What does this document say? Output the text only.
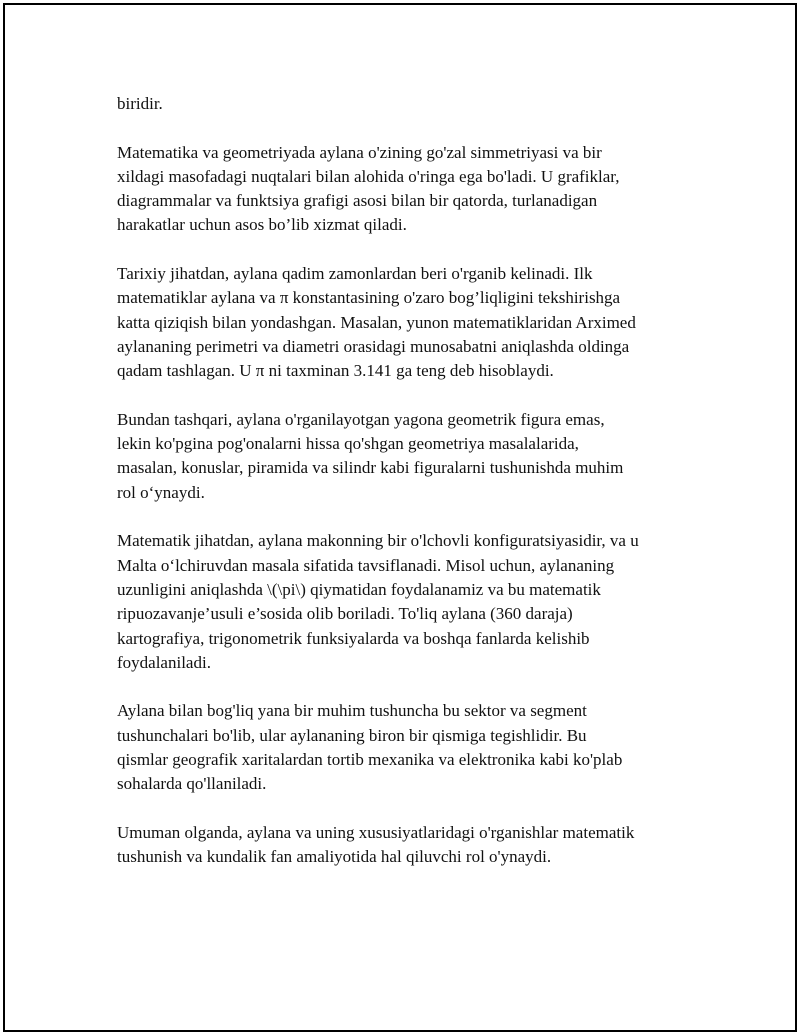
biridir.

Matematika va geometriyada aylana o'zining go'zal simmetriyasi va bir
xildagi masofadagi nuqtalari bilan alohida o'ringa ega bo'ladi. U grafiklar,
diagrammalar va funktsiya grafigi asosi bilan bir qatorda, turlanadigan
harakatlar uchun asos bo’lib xizmat qiladi.

Tarixiy jihatdan, aylana qadim zamonlardan beri o'rganib kelinadi. Ilk
matematiklar aylana va π konstantasining o'zaro bog’liqligini tekshirishga
katta qiziqish bilan yondashgan. Masalan, yunon matematiklaridan Arximed
aylananing perimetri va diametri orasidagi munosabatni aniqlashda oldinga
qadam tashlagan. U π ni taxminan 3.141 ga teng deb hisoblaydi.

Bundan tashqari, aylana o'rganilayotgan yagona geometrik figura emas,
lekin ko'pgina pog'onalarni hissa qo'shgan geometriya masalalarida,
masalan, konuslar, piramida va silindr kabi figuralarni tushunishda muhim
rol o‘ynaydi.

Matematik jihatdan, aylana makonning bir o'lchovli konfiguratsiyasidir, va u
Malta o‘lchiruvdan masala sifatida tavsiflanadi. Misol uchun, aylananing
uzunligini aniqlashda \(\pi\) qiymatidan foydalanamiz va bu matematik
ripuozavanje’usuli e’sosida olib boriladi. To'liq aylana (360 daraja)
kartografiya, trigonometrik funksiyalarda va boshqa fanlarda kelishib
foydalaniladi.

Aylana bilan bog'liq yana bir muhim tushuncha bu sektor va segment
tushunchalari bo'lib, ular aylananing biron bir qismiga tegishlidir. Bu
qismlar geografik xaritalardan tortib mexanika va elektronika kabi ko'plab
sohalarda qo'llaniladi.

Umuman olganda, aylana va uning xususiyatlaridagi o'rganishlar matematik
tushunish va kundalik fan amaliyotida hal qiluvchi rol o'ynaydi.
